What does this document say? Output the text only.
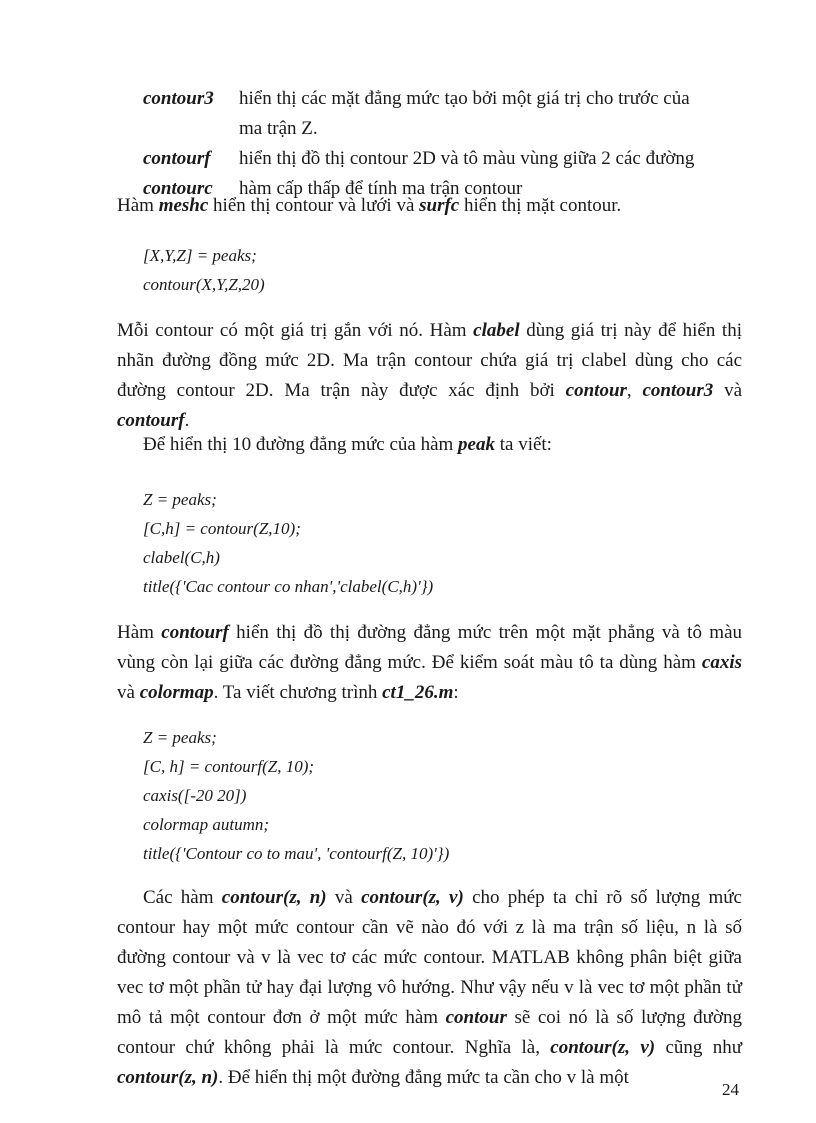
contour3	hiển thị các mặt đẳng mức tạo bởi một giá trị cho trước của
ma trận Z.
contourf	hiển thị đồ thị contour 2D và tô màu vùng giữa 2 các đường
contourc	hàm cấp thấp để tính ma trận contour
Hàm meshc hiển thị contour và lưới và surfc hiển thị mặt contour.
[X,Y,Z] = peaks;
contour(X,Y,Z,20)
Mỗi contour có một giá trị gắn với nó. Hàm clabel dùng giá trị này để hiển thị nhãn đường đồng mức 2D. Ma trận contour chứa giá trị clabel dùng cho các đường contour 2D. Ma trận này được xác định bởi contour, contour3 và contourf.
Để hiển thị 10 đường đẳng mức của hàm peak ta viết:
Z = peaks;
[C,h] = contour(Z,10);
clabel(C,h)
title({'Cac contour co nhan','clabel(C,h)'})
Hàm contourf hiển thị đồ thị đường đẳng mức trên một mặt phẳng và tô màu vùng còn lại giữa các đường đẳng mức. Để kiểm soát màu tô ta dùng hàm caxis và colormap. Ta viết chương trình ct1_26.m:
Z = peaks;
[C, h] = contourf(Z, 10);
caxis([-20 20])
colormap autumn;
title({'Contour co to mau', 'contourf(Z, 10)'})
Các hàm contour(z, n) và contour(z, v) cho phép ta chỉ rõ số lượng mức contour hay một mức contour cần vẽ nào đó với z là ma trận số liệu, n là số đường contour và v là vec tơ các mức contour. MATLAB không phân biệt giữa vec tơ một phần tử hay đại lượng vô hướng. Như vậy nếu v là vec tơ một phần tử mô tả một contour đơn ở một mức hàm contour sẽ coi nó là số lượng đường contour chứ không phải là mức contour. Nghĩa là, contour(z, v) cũng như contour(z, n). Để hiển thị một đường đẳng mức ta cần cho v là một
24
